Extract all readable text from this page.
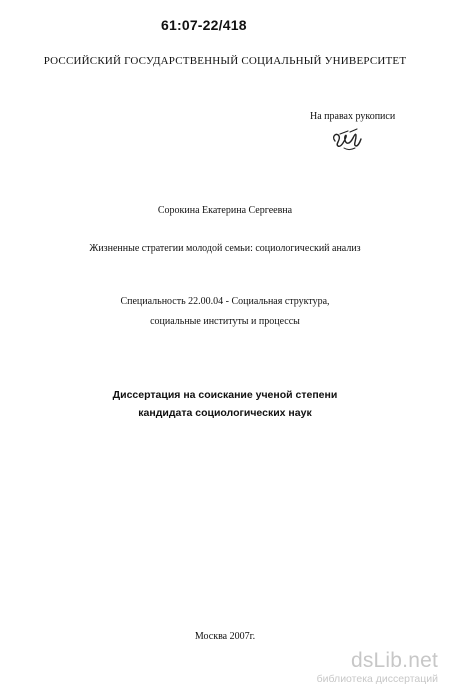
61:07-22/418
РОССИЙСКИЙ ГОСУДАРСТВЕННЫЙ СОЦИАЛЬНЫЙ УНИВЕРСИТЕТ
На правах рукописи
Сорокина Екатерина Сергеевна
Жизненные стратегии молодой семьи: социологический анализ
Специальность 22.00.04 - Социальная структура,
социальные институты и процессы
Диссертация на соискание ученой степени
кандидата социологических наук
Москва 2007г.
dsLib.net
библиотека диссертаций
